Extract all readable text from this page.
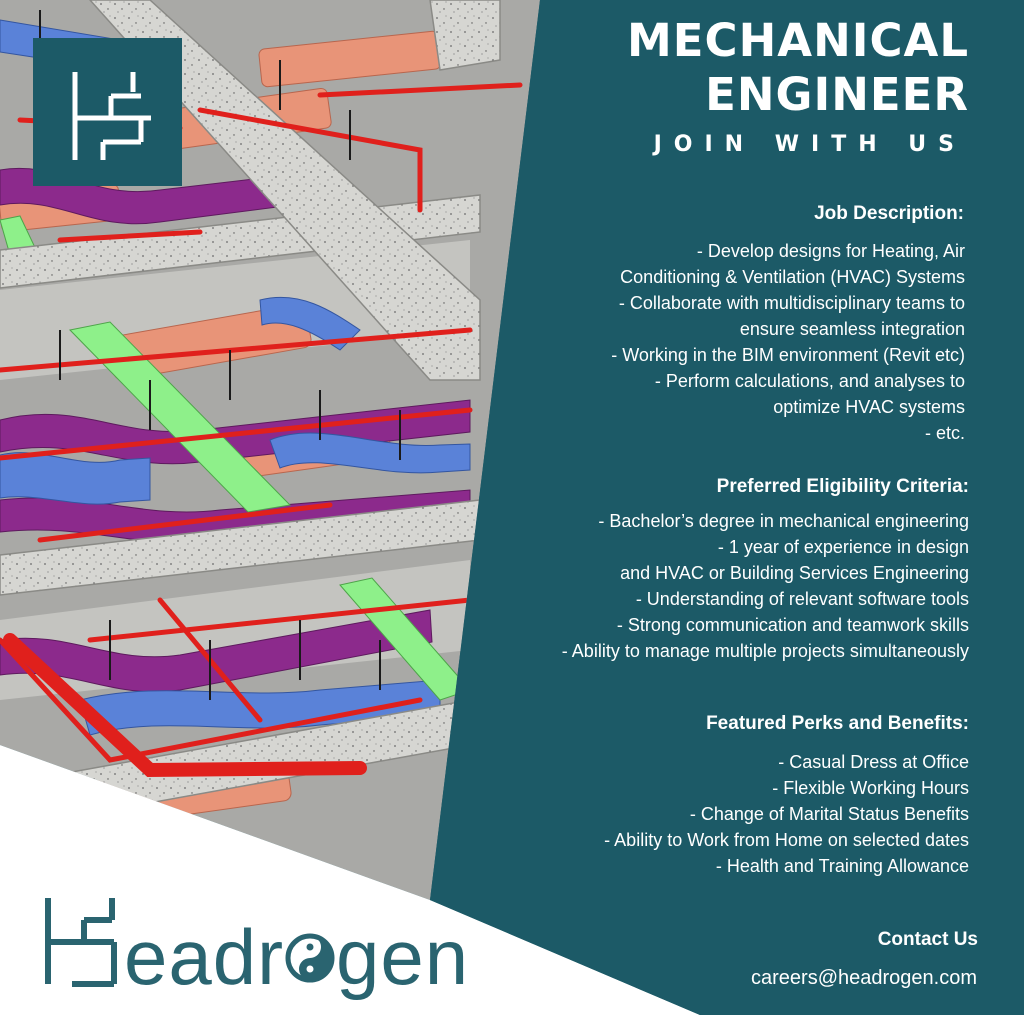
MECHANICAL
ENGINEER
JOIN WITH US
Job Description:
- Develop designs for Heating, Air
Conditioning & Ventilation (HVAC) Systems
- Collaborate with multidisciplinary teams to
ensure seamless integration
- Working in the BIM environment (Revit etc)
- Perform calculations, and analyses to
optimize HVAC systems
- etc.
Preferred Eligibility Criteria:
- Bachelor’s degree in mechanical engineering
- 1 year of experience in design
and HVAC or Building Services Engineering
- Understanding of relevant software tools
- Strong communication and teamwork skills
- Ability to manage multiple projects simultaneously
Featured Perks and Benefits:
- Casual Dress at Office
- Flexible Working Hours
- Change of Marital Status Benefits
- Ability to Work from Home on selected dates
- Health and Training Allowance
Contact Us
careers@headrogen.com
eadr gen
